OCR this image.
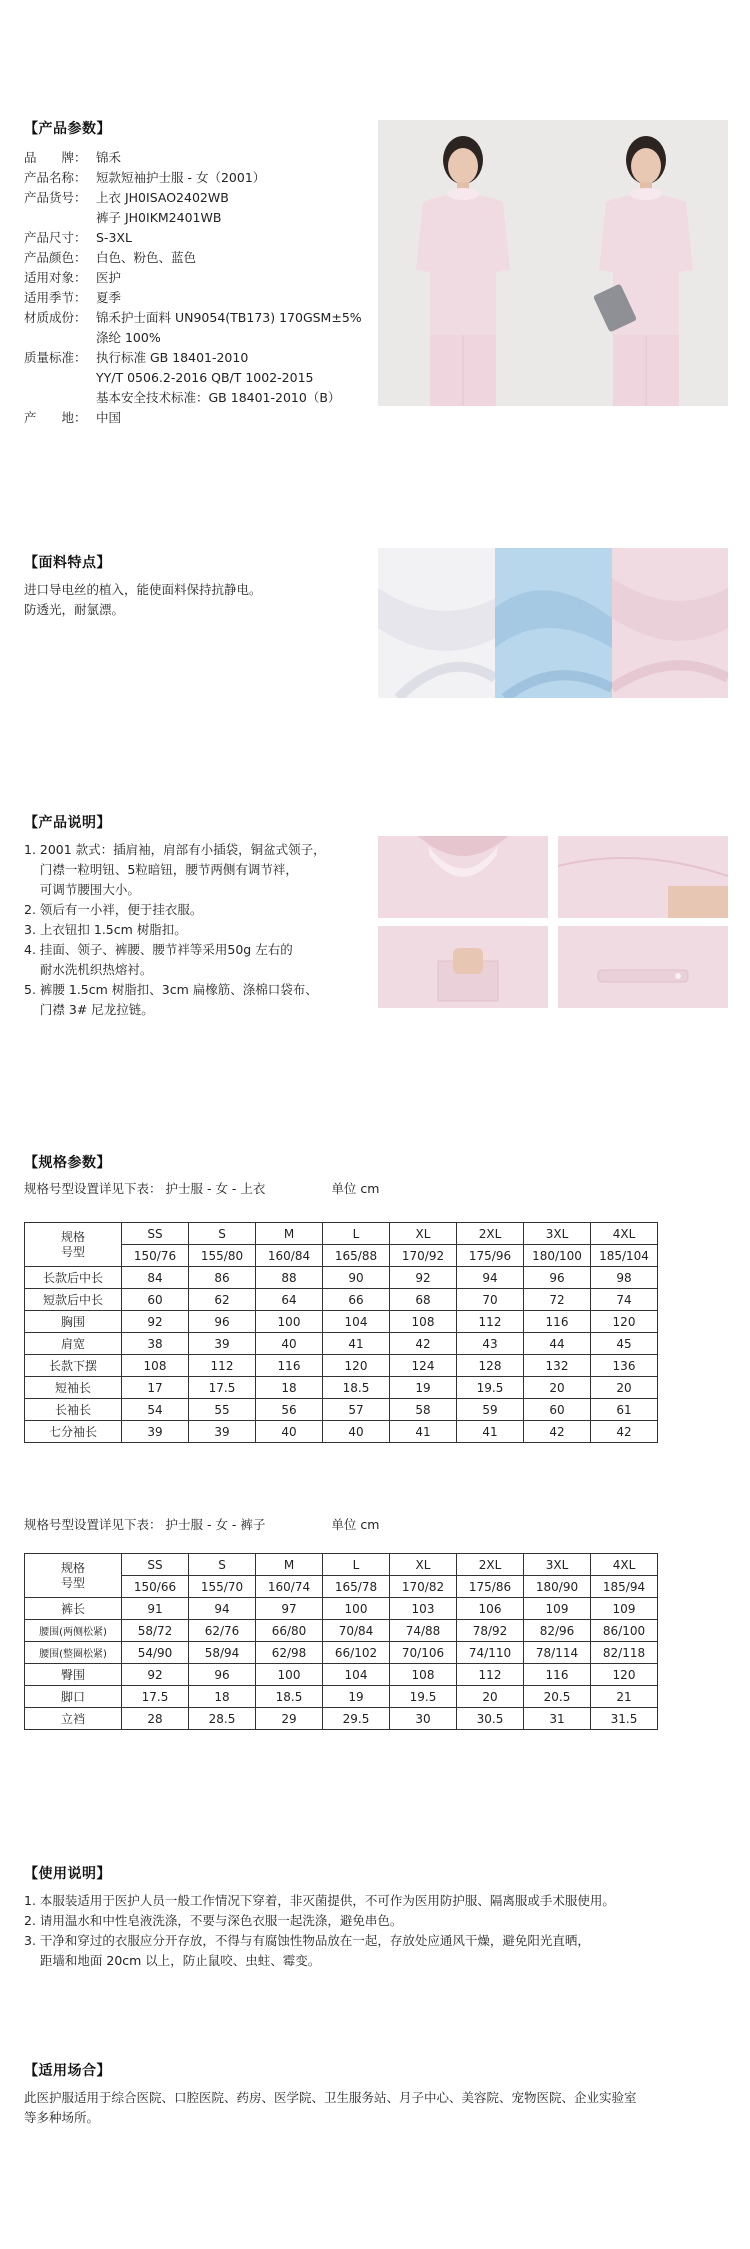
【产品参数】
品　　牌： 锦禾
产品名称： 短款短袖护士服 - 女（2001）
产品货号： 上衣 JH0ISAO2402WB
裤子 JH0IKM2401WB
产品尺寸： S-3XL
产品颜色： 白色、粉色、蓝色
适用对象： 医护
适用季节： 夏季
材质成份： 锦禾护士面料 UN9054(TB173) 170GSM±5%
涤纶 100%
质量标准： 执行标准 GB 18401-2010
YY/T 0506.2-2016 QB/T 1002-2015
基本安全技术标准：GB 18401-2010（B）
产　　地： 中国
【面料特点】
进口导电丝的植入，能使面料保持抗静电。
防透光，耐氯漂。
【产品说明】
1. 2001 款式：插肩袖，肩部有小插袋，铜盆式领子，
门襟一粒明钮、5粒暗钮，腰节两侧有调节袢，
可调节腰围大小。
2. 领后有一小袢，便于挂衣服。
3. 上衣钮扣 1.5cm 树脂扣。
4. 挂面、领子、裤腰、腰节袢等采用50g 左右的
耐水洗机织热熔衬。
5. 裤腰 1.5cm 树脂扣、3cm 扁橡筋、涤棉口袋布、
门襟 3# 尼龙拉链。
【规格参数】
规格号型设置详见下表： 护士服 - 女 - 上衣	单位 cm
规格
号型	SS	S	M	L	XL	2XL	3XL	4XL
	150/76	155/80	160/84	165/88	170/92	175/96	180/100	185/104
长款后中长	84	86	88	90	92	94	96	98
短款后中长	60	62	64	66	68	70	72	74
胸围	92	96	100	104	108	112	116	120
肩宽	38	39	40	41	42	43	44	45
长款下摆	108	112	116	120	124	128	132	136
短袖长	17	17.5	18	18.5	19	19.5	20	20
长袖长	54	55	56	57	58	59	60	61
七分袖长	39	39	40	40	41	41	42	42
规格号型设置详见下表： 护士服 - 女 - 裤子	单位 cm
规格
号型	SS	S	M	L	XL	2XL	3XL	4XL
	150/66	155/70	160/74	165/78	170/82	175/86	180/90	185/94
裤长	91	94	97	100	103	106	109	109
腰围(两侧松紧)	58/72	62/76	66/80	70/84	74/88	78/92	82/96	86/100
腰围(整圈松紧)	54/90	58/94	62/98	66/102	70/106	74/110	78/114	82/118
臀围	92	96	100	104	108	112	116	120
脚口	17.5	18	18.5	19	19.5	20	20.5	21
立裆	28	28.5	29	29.5	30	30.5	31	31.5
【使用说明】
1. 本服装适用于医护人员一般工作情况下穿着，非灭菌提供，不可作为医用防护服、隔离服或手术服使用。
2. 请用温水和中性皂液洗涤，不要与深色衣服一起洗涤，避免串色。
3. 干净和穿过的衣服应分开存放，不得与有腐蚀性物品放在一起，存放处应通风干燥，避免阳光直晒，
距墙和地面 20cm 以上，防止鼠咬、虫蛀、霉变。
【适用场合】
此医护服适用于综合医院、口腔医院、药房、医学院、卫生服务站、月子中心、美容院、宠物医院、企业实验室
等多种场所。
